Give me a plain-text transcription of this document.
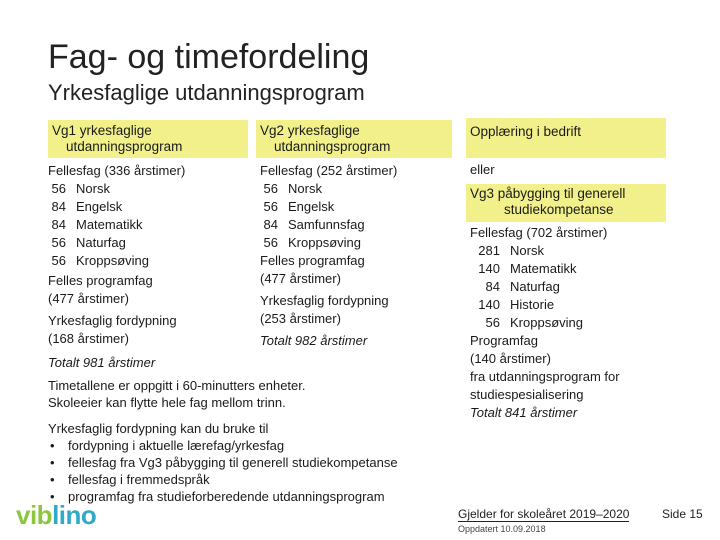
Fag- og timefordeling
Yrkesfaglige utdanningsprogram
Vg1 yrkesfaglige
utdanningsprogram
Vg2 yrkesfaglige
utdanningsprogram
Opplæring i bedrift
Fellesfag (336 årstimer)
56 Norsk
84 Engelsk
84 Matematikk
56 Naturfag
56 Kroppsøving
Felles programfag
(477 årstimer)
Yrkesfaglig fordypning
(168 årstimer)
Totalt 981 årstimer
Fellesfag (252 årstimer)
56 Norsk
56 Engelsk
84 Samfunnsfag
56 Kroppsøving
Felles programfag
(477 årstimer)
Yrkesfaglig fordypning
(253 årstimer)
Totalt 982 årstimer
eller
Vg3 påbygging til generell
studiekompetanse
Fellesfag (702 årstimer)
281 Norsk
140 Matematikk
84 Naturfag
140 Historie
56 Kroppsøving
Programfag
(140 årstimer)
fra utdanningsprogram for
studiespesialisering
Totalt 841 årstimer
Timetallene er oppgitt i 60-minutters enheter.
Skoleeier kan flytte hele fag mellom trinn.
Yrkesfaglig fordypning kan du bruke til
• fordypning i aktuelle lærefag/yrkesfag
• fellesfag fra Vg3 påbygging til generell studiekompetanse
• fellesfag i fremmedspråk
• programfag fra studieforberedende utdanningsprogram
viblino	Gjelder for skoleåret 2019–2020
Oppdatert 10.09.2018
Side 15
